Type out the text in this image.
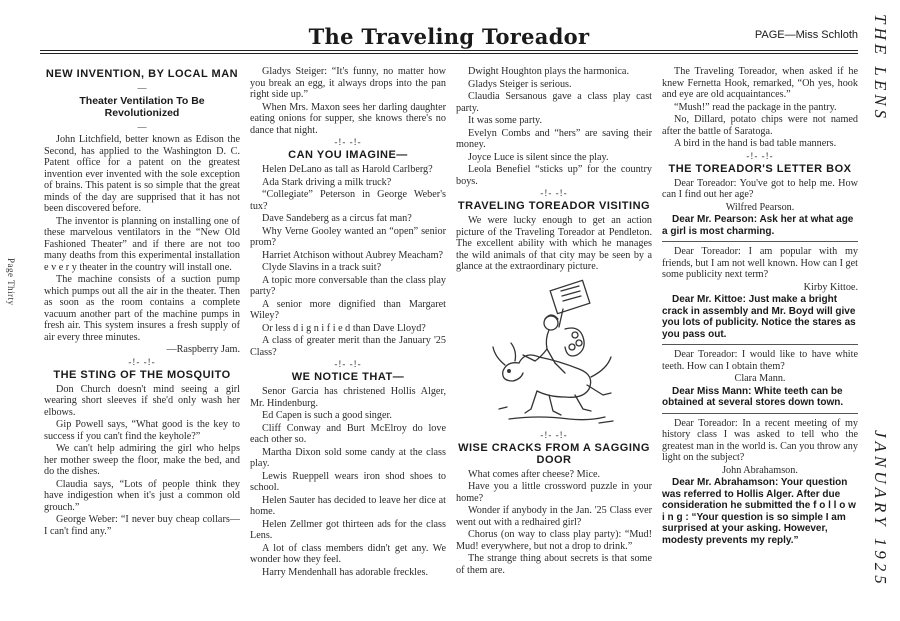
The Traveling Toreador	PAGE—Miss Schloth
Page Thirty
THE LENS
JANUARY 1925
NEW INVENTION, BY LOCAL MAN
—
Theater Ventilation To Be Revolutionized
—

John Litchfield, better known as Edison the Second, has applied to the Washington D. C. Patent office for a patent on the greatest invention ever invented with the sole exception of brains. This patent is so simple that the great minds of the day are supprised that it has not been discovered before.

The inventor is planning on installing one of these marvelous ventilators in the “New Old Fashioned Theater” and if there are not too many deaths from this experimental installation e v e r y theater in the country will install one.

The machine consists of a suction pump which pumps out all the air in the theater. Then as soon as the room contains a complete vacuum another part of the machine pumps in fresh air. This system insures a fresh supply of air every three minutes.

—Raspberry Jam.

-!- -!-
THE STING OF THE MOSQUITO

Don Church doesn't mind seeing a girl wearing short sleeves if she'd only wash her elbows.

Gip Powell says, “What good is the key to success if you can't find the keyhole?”

We can't help admiring the girl who helps her mother sweep the floor, make the bed, and do the dishes.

Claudia says, “Lots of people think they have indigestion when it's just a common old grouch.”

George Weber: “I never buy cheap collars—I can't find any.”

Gladys Steiger: “It's funny, no matter how you break an egg, it always drops into the pan right side up.”

When Mrs. Maxon sees her darling daughter eating onions for supper, she knows there's no dance that night.

-!- -!-
CAN YOU IMAGINE—

Helen DeLano as tall as Harold Carlberg?

Ada Stark driving a milk truck?

“Collegiate” Peterson in George Weber's tux?

Dave Sandeberg as a circus fat man?

Why Verne Gooley wanted an “open” senior prom?

Harriet Atchison without Aubrey Meacham?

Clyde Slavins in a track suit?

A topic more conversable than the class play party?

A senior more dignified than Margaret Wiley?

Or less d i g n i f i e d than Dave Lloyd?

A class of greater merit than the January '25 Class?

-!- -!-
WE NOTICE THAT—

Senor Garcia has christened Hollis Alger, Mr. Hindenburg.

Ed Capen is such a good singer.

Cliff Conway and Burt McElroy do love each other so.

Martha Dixon sold some candy at the class play.

Lewis Rueppell wears iron shod shoes to school.

Helen Sauter has decided to leave her dice at home.

Helen Zellmer got thirteen ads for the class Lens.

A lot of class members didn't get any. We wonder how they feel.

Harry Mendenhall has adorable freckles.

Dwight Houghton plays the harmonica.

Gladys Steiger is serious.

Claudia Sersanous gave a class play cast party.

It was some party.

Evelyn Combs and “hers” are saving their money.

Joyce Luce is silent since the play.

Leola Benefiel “sticks up” for the country boys.

-!- -!-
TRAVELING TOREADOR VISITING

We were lucky enough to get an action picture of the Traveling Toreador at Pendleton. The excellent ability with which he manages the wild animals of that city may be seen by a glance at the extraordinary picture.

-!- -!-
WISE CRACKS FROM A SAGGING DOOR

What comes after cheese? Mice.

Have you a little crossword puzzle in your home?

Wonder if anybody in the Jan. '25 Class ever went out with a redhaired girl?

Chorus (on way to class play party): “Mud! Mud! everywhere, but not a drop to drink.”

The strange thing about secrets is that some of them are.

The Traveling Toreador, when asked if he knew Fernetta Hook, remarked, “Oh yes, hook and eye are old acquaintances.”

“Mush!” read the package in the pantry.

No, Dillard, potato chips were not named after the battle of Saratoga.

A bird in the hand is bad table manners.

-!- -!-
THE TOREADOR'S LETTER BOX

Dear Toreador: You've got to help me. How can I find out her age?

Wilfred Pearson.

Dear Mr. Pearson: Ask her at what age a girl is most charming.

Dear Toreador: I am popular with my friends, but I am not well known. How can I get some publicity next term?

Kirby Kittoe.

Dear Mr. Kittoe: Just make a bright crack in assembly and Mr. Boyd will give you lots of publicity. Notice the stares as you pass out.

Dear Toreador: I would like to have white teeth. How can I obtain them?

Clara Mann.

Dear Miss Mann: White teeth can be obtained at several stores down town.

Dear Toreador: In a recent meeting of my history class I was asked to tell who the greatest man in the world is. Can you throw any light on the subject?

John Abrahamson.

Dear Mr. Abrahamson: Your question was referred to Hollis Alger. After due consideration he submitted the f o l l o w i n g : “Your question is so simple I am surprised at your asking. However, modesty prevents my reply.”
